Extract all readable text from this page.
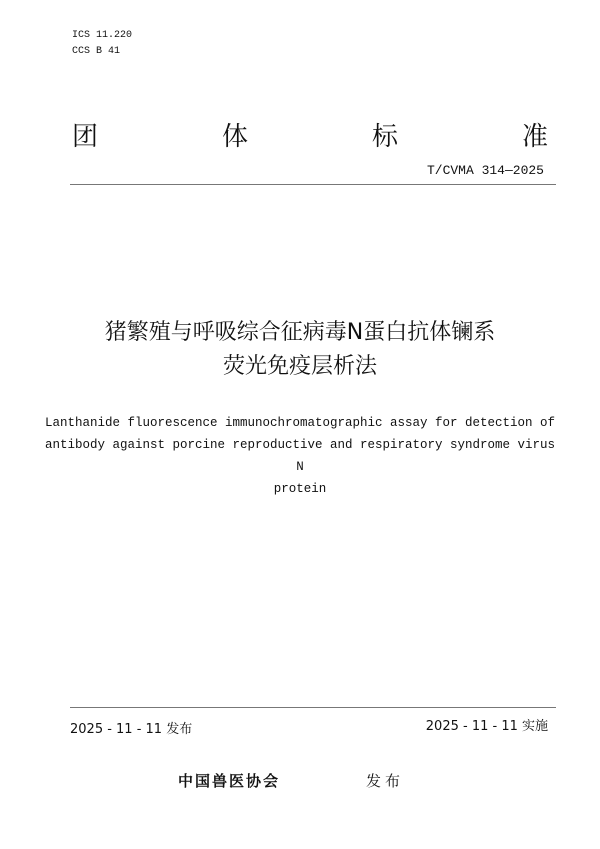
ICS 11.220
CCS B 41
团	体	标	准
T/CVMA 314—2025
猪繁殖与呼吸综合征病毒N蛋白抗体镧系
荧光免疫层析法
Lanthanide fluorescence immunochromatographic assay for detection of
antibody against porcine reproductive and respiratory syndrome virus N
protein
2025 - 11 - 11 发布	2025 - 11 - 11 实施
中国兽医协会	发布
